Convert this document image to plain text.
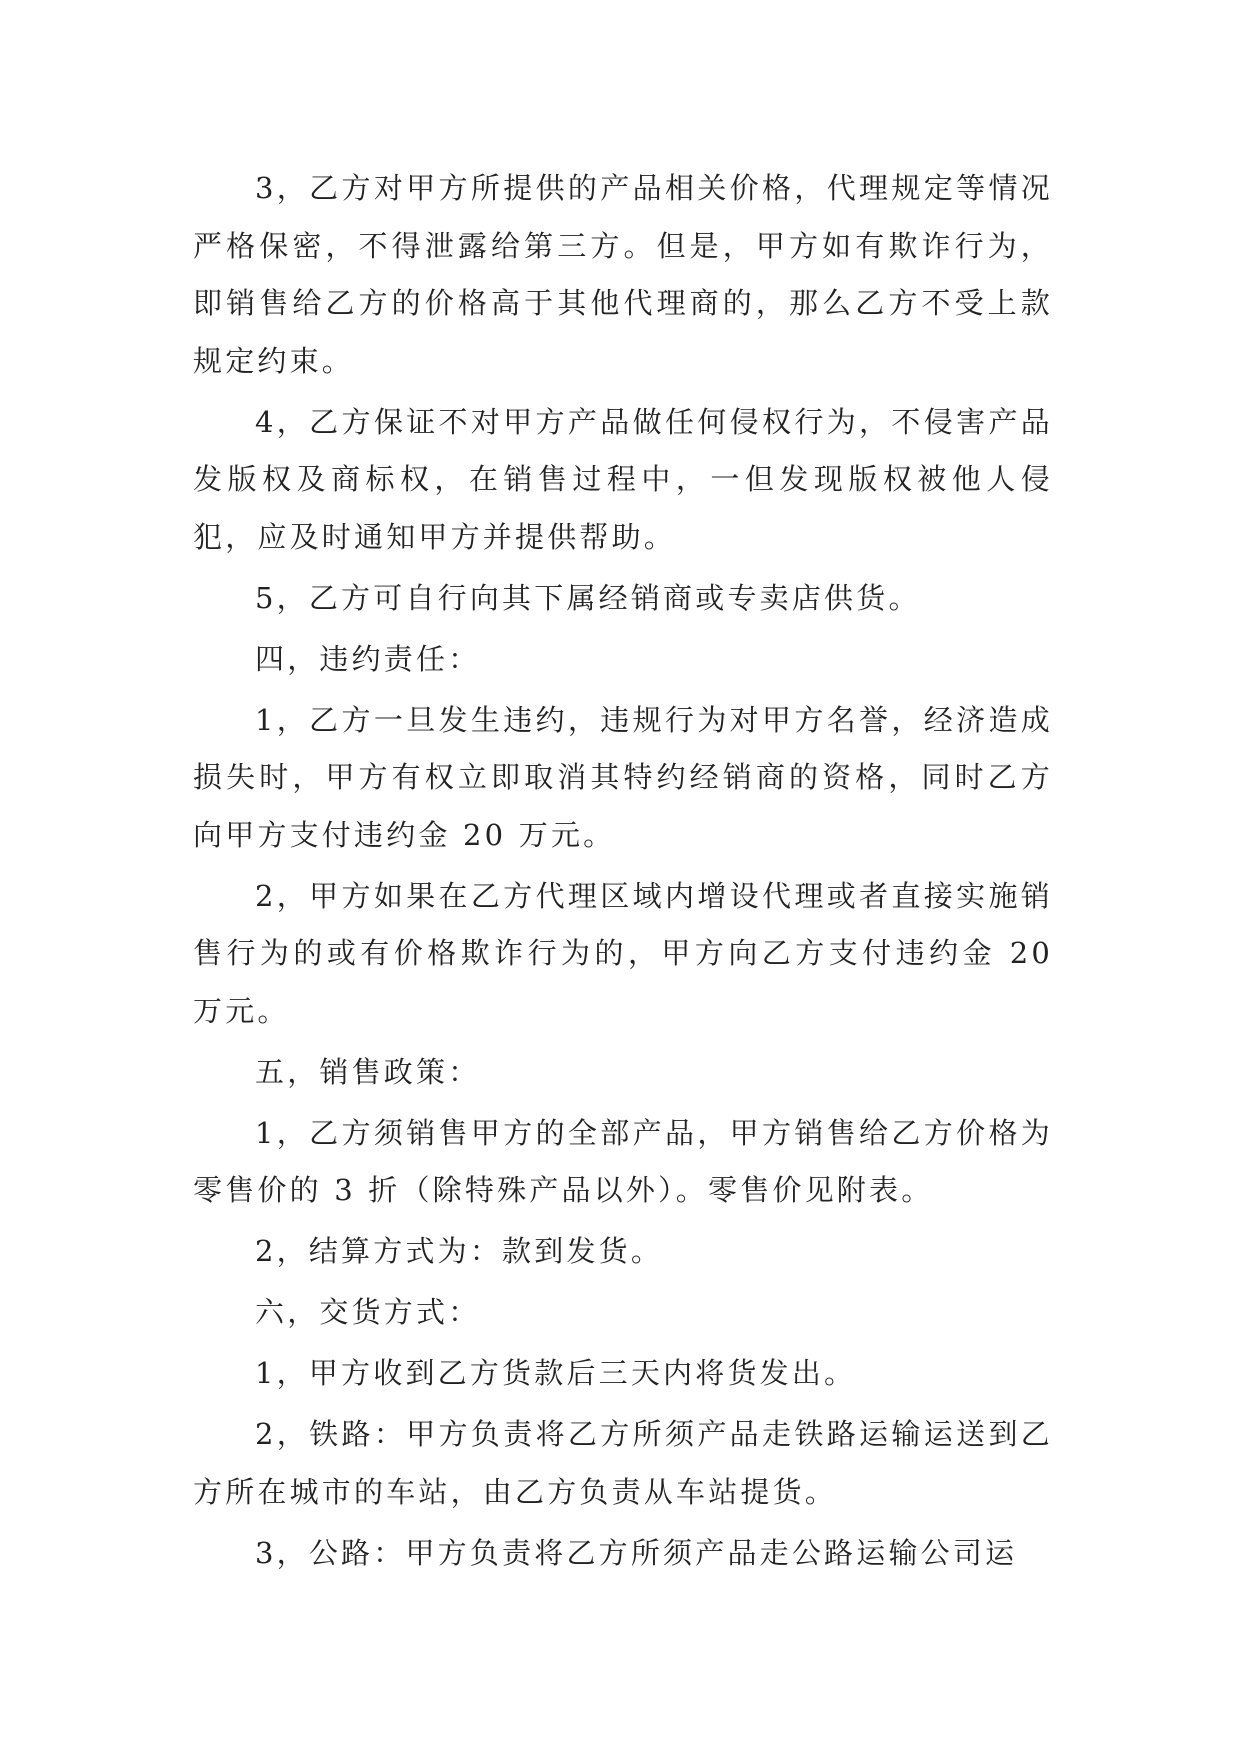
3，乙方对甲方所提供的产品相关价格，代理规定等情况严格保密，不得泄露给第三方。但是，甲方如有欺诈行为，即销售给乙方的价格高于其他代理商的，那么乙方不受上款规定约束。

4，乙方保证不对甲方产品做任何侵权行为，不侵害产品发版权及商标权，在销售过程中，一但发现版权被他人侵犯，应及时通知甲方并提供帮助。

5，乙方可自行向其下属经销商或专卖店供货。

四，违约责任：

1，乙方一旦发生违约，违规行为对甲方名誉，经济造成损失时，甲方有权立即取消其特约经销商的资格，同时乙方向甲方支付违约金 20 万元。

2，甲方如果在乙方代理区域内增设代理或者直接实施销售行为的或有价格欺诈行为的，甲方向乙方支付违约金 20 万元。

五，销售政策：

1，乙方须销售甲方的全部产品，甲方销售给乙方价格为零售价的 3 折（除特殊产品以外）。零售价见附表。

2，结算方式为：款到发货。

六，交货方式：

1，甲方收到乙方货款后三天内将货发出。

2，铁路：甲方负责将乙方所须产品走铁路运输运送到乙方所在城市的车站，由乙方负责从车站提货。

3，公路：甲方负责将乙方所须产品走公路运输公司运
